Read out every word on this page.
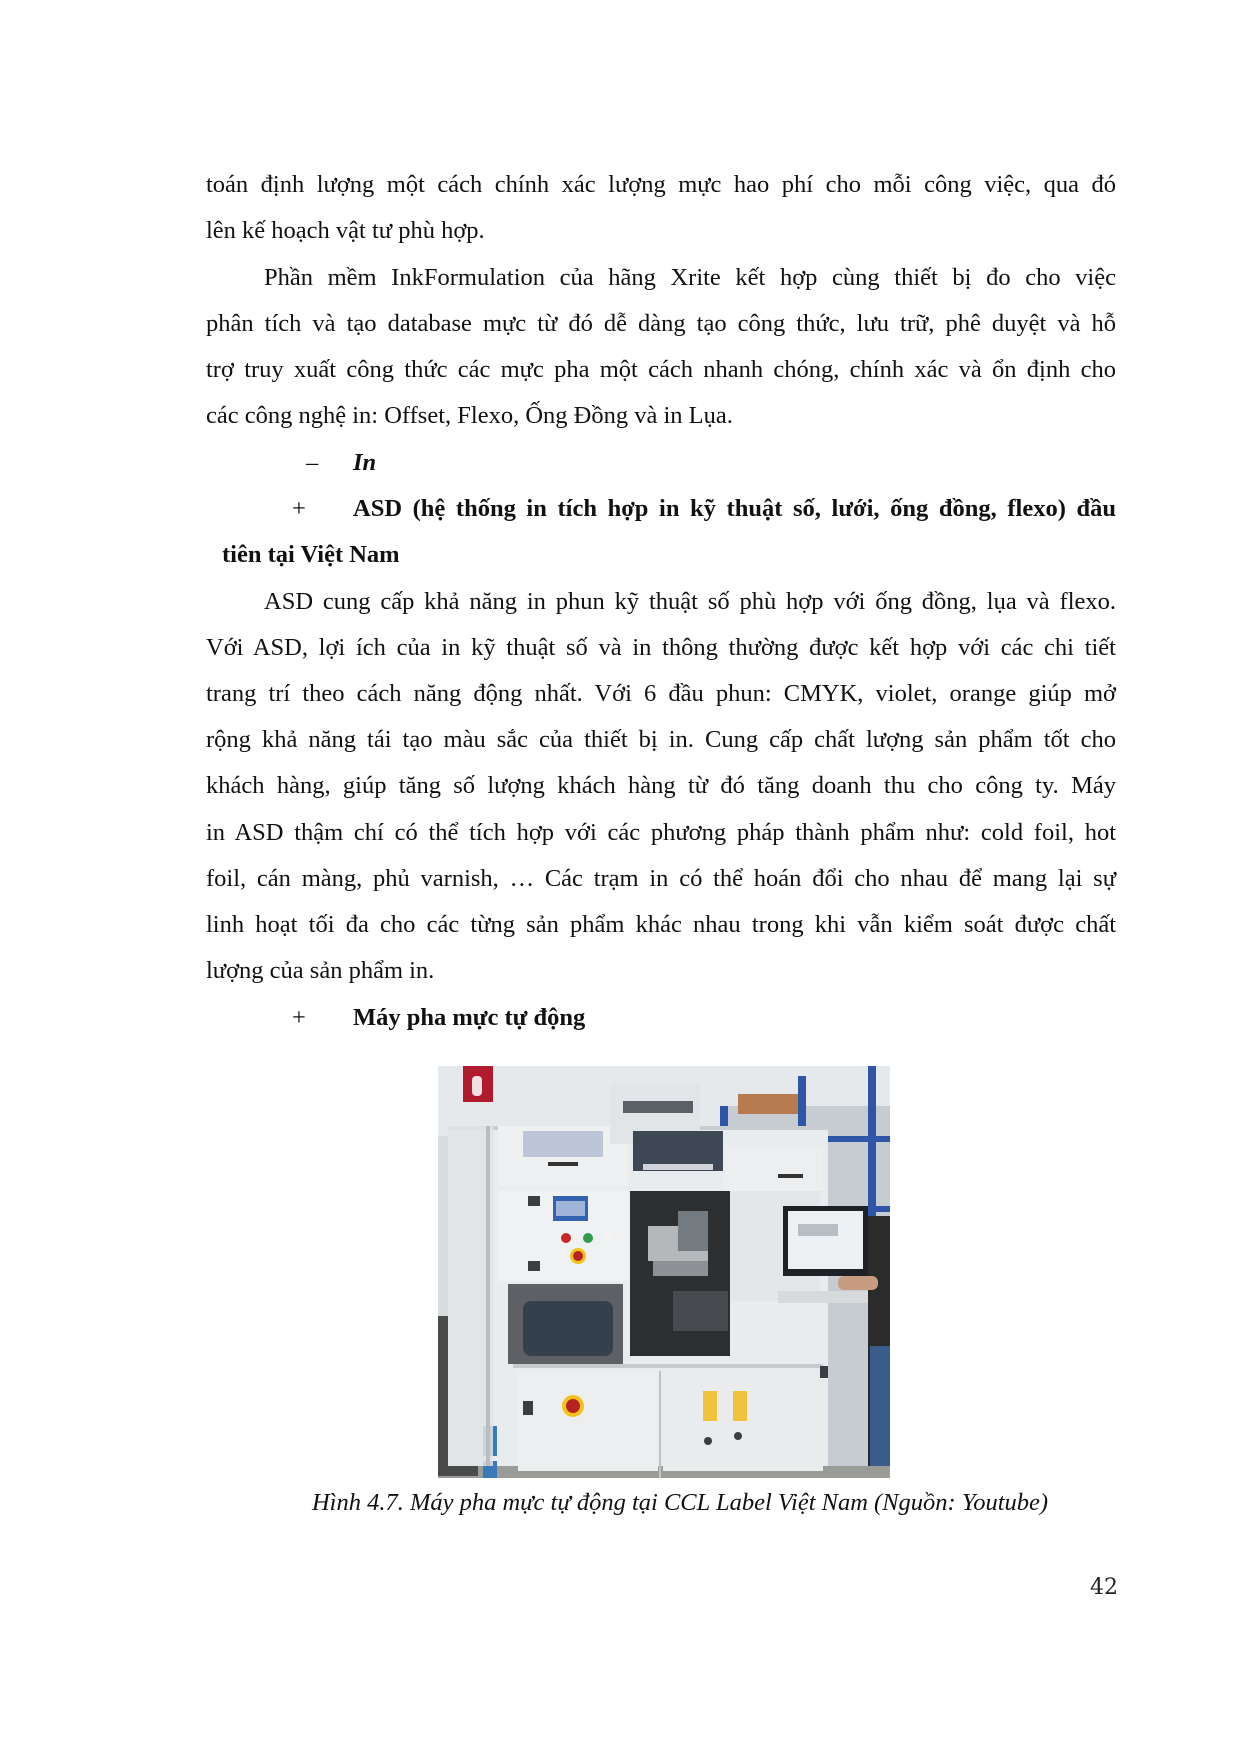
toán định lượng một cách chính xác lượng mực hao phí cho mỗi công việc, qua đó
lên kế hoạch vật tư phù hợp.
Phần mềm InkFormulation của hãng Xrite kết hợp cùng thiết bị đo cho việc
phân tích và tạo database mực từ đó dễ dàng tạo công thức, lưu trữ, phê duyệt và hỗ
trợ truy xuất công thức các mực pha một cách nhanh chóng, chính xác và ổn định cho
các công nghệ in: Offset, Flexo, Ống Đồng và in Lụa.
– In
+ ASD (hệ thống in tích hợp in kỹ thuật số, lưới, ống đồng, flexo) đầu
tiên tại Việt Nam
ASD cung cấp khả năng in phun kỹ thuật số phù hợp với ống đồng, lụa và flexo.
Với ASD, lợi ích của in kỹ thuật số và in thông thường được kết hợp với các chi tiết
trang trí theo cách năng động nhất. Với 6 đầu phun: CMYK, violet, orange giúp mở
rộng khả năng tái tạo màu sắc của thiết bị in. Cung cấp chất lượng sản phẩm tốt cho
khách hàng, giúp tăng số lượng khách hàng từ đó tăng doanh thu cho công ty. Máy
in ASD thậm chí có thể tích hợp với các phương pháp thành phẩm như: cold foil, hot
foil, cán màng, phủ varnish, … Các trạm in có thể hoán đổi cho nhau để mang lại sự
linh hoạt tối đa cho các từng sản phẩm khác nhau trong khi vẫn kiểm soát được chất
lượng của sản phẩm in.
+ Máy pha mực tự động
Hình 4.7. Máy pha mực tự động tại CCL Label Việt Nam (Nguồn: Youtube)
42
